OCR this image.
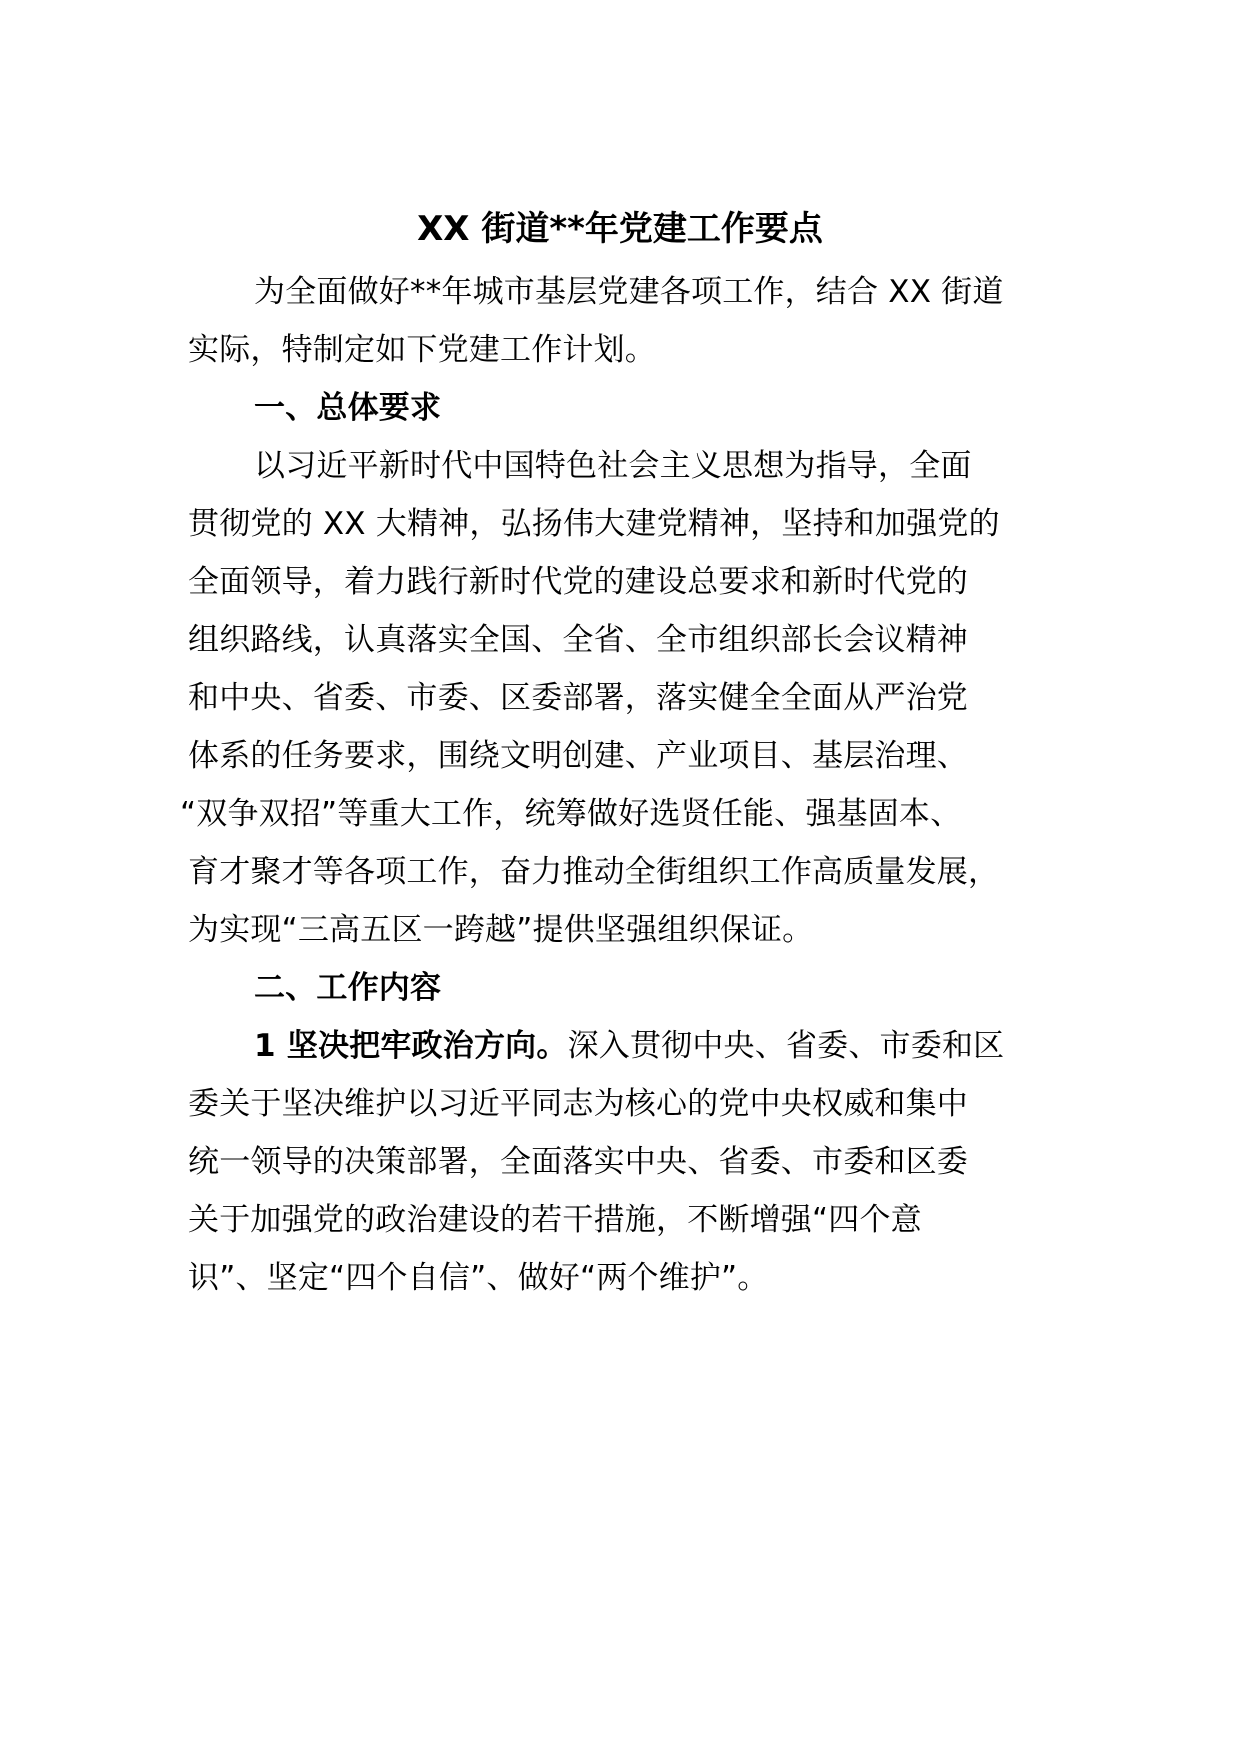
XX 街道**年党建工作要点
为全面做好**年城市基层党建各项工作，结合 XX 街道
实际，特制定如下党建工作计划。
一、总体要求
以习近平新时代中国特色社会主义思想为指导，全面
贯彻党的 XX 大精神，弘扬伟大建党精神，坚持和加强党的
全面领导，着力践行新时代党的建设总要求和新时代党的
组织路线，认真落实全国、全省、全市组织部长会议精神
和中央、省委、市委、区委部署，落实健全全面从严治党
体系的任务要求，围绕文明创建、产业项目、基层治理、
“双争双招”等重大工作，统筹做好选贤任能、强基固本、
育才聚才等各项工作，奋力推动全街组织工作高质量发展，
为实现“三高五区一跨越”提供坚强组织保证。
二、工作内容
1 坚决把牢政治方向。深入贯彻中央、省委、市委和区
委关于坚决维护以习近平同志为核心的党中央权威和集中
统一领导的决策部署，全面落实中央、省委、市委和区委
关于加强党的政治建设的若干措施，不断增强“四个意
识”、坚定“四个自信”、做好“两个维护”。
